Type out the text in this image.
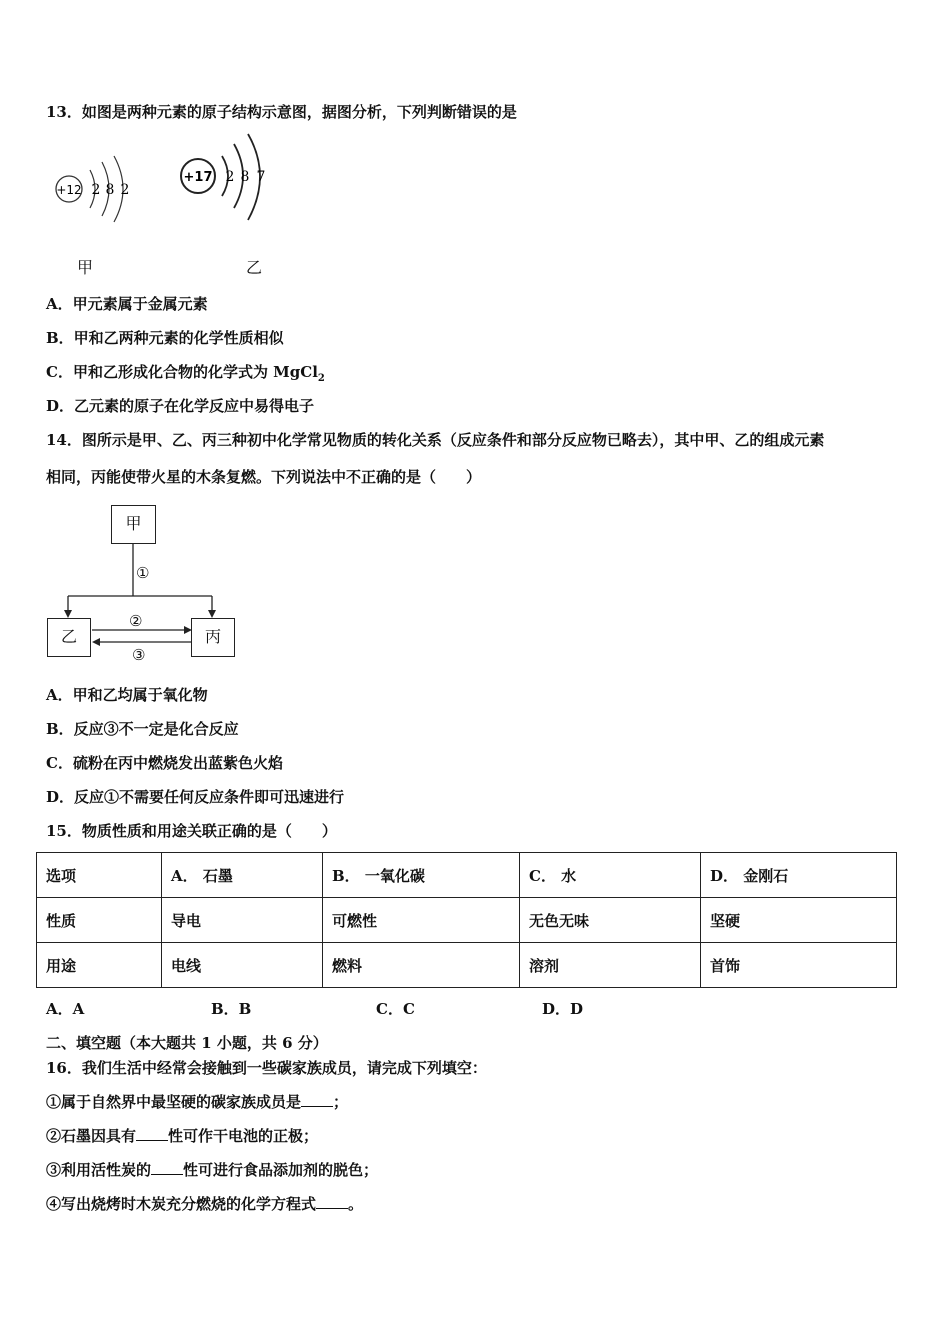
13．如图是两种元素的原子结构示意图，据图分析，下列判断错误的是
+12 2 8 2
+17 2 8 7
甲	乙
A．甲元素属于金属元素
B．甲和乙两种元素的化学性质相似
C．甲和乙形成化合物的化学式为 MgCl$_2$
D．乙元素的原子在化学反应中易得电子
14．图所示是甲、乙、丙三种初中化学常见物质的转化关系（反应条件和部分反应物已略去），其中甲、乙的组成元素
相同，丙能使带火星的木条复燃。下列说法中不正确的是（　　）
甲
乙	丙
①
②
③
A．甲和乙均属于氧化物
B．反应③不一定是化合反应
C．硫粉在丙中燃烧发出蓝紫色火焰
D．反应①不需要任何反应条件即可迅速进行
15．物质性质和用途关联正确的是（　　）
选项	A． 石墨	B． 一氧化碳	C． 水	D． 金刚石
性质	导电	可燃性	无色无味	坚硬
用途	电线	燃料	溶剂	首饰
A．A	B．B	C．C	D．D
二、填空题（本大题共 1 小题，共 6 分）
16．我们生活中经常会接触到一些碳家族成员，请完成下列填空：
①属于自然界中最坚硬的碳家族成员是 ；
②石墨因具有 性可作干电池的正极；
③利用活性炭的 性可进行食品添加剂的脱色；
④写出烧烤时木炭充分燃烧的化学方程式 。
